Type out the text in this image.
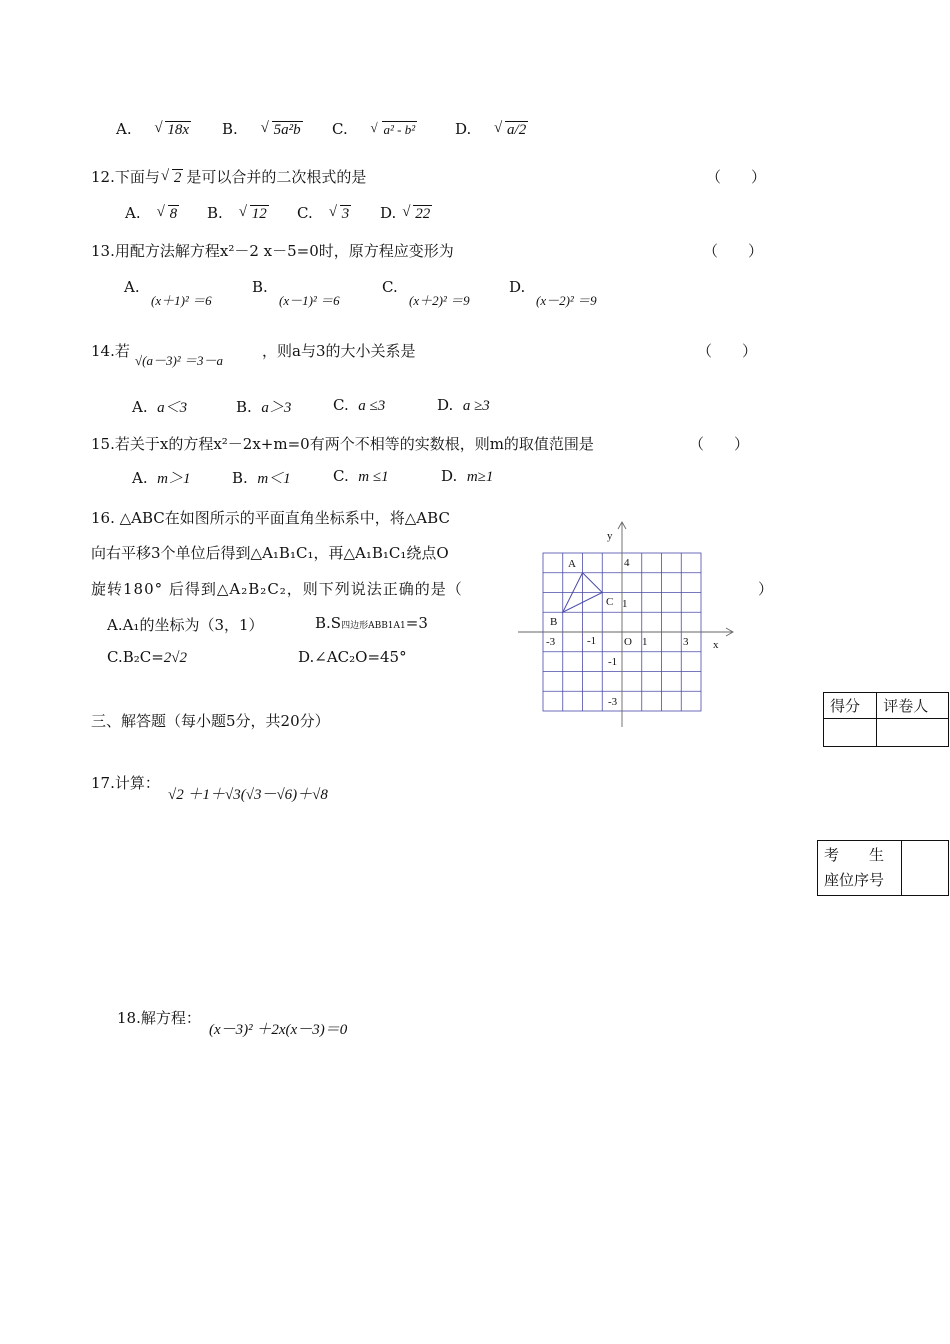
A. √ 18x B. √ 5a²b C.	√ a² - b²	D. √ a/2
12.下面与 √ 2 是可以合并的二次根式的是	（　　）
A. √ 8 B. √ 12 C. √ 3 D. √ 22
13.用配方法解方程x²－2 x－5=0时，原方程应变形为	（　　）
A.
(x＋1)² ＝6
B.
(x－1)² ＝6
C.
(x＋2)² ＝9
D.
(x－2)² ＝9
14.若
√(a－3)² ＝3－a
，则a与3的大小关系是	（　　）
A. a＜3	B. a＞3	C. a ≤3	D. a ≥3
15.若关于x的方程x²－2x+m=0有两个不相等的实数根，则m的取值范围是	（　　）
A. m＞1	B. m＜1	C. m ≤1	D. m≥1
16. △ABC在如图所示的平面直角坐标系中，将△ABC
向右平移3个单位后得到△A₁B₁C₁，再△A₁B₁C₁绕点O
旋转180° 后得到△A₂B₂C₂，则下列说法正确的是（	）
A.A₁的坐标为（3，1）	B.S四边形ABB1A1=3
C.B₂C=2√2	D.∠AC₂O=45°
y
x
A
B
C
O
4
1
-3	-1	1	3
-1
-3
三、解答题（每小题5分，共20分）
得分	评卷人

17.计算：
√2 ＋1＋√3(√3－√6)＋√8
考　　生
座位序号

18.解方程：
(x－3)² ＋2x(x－3)＝0
